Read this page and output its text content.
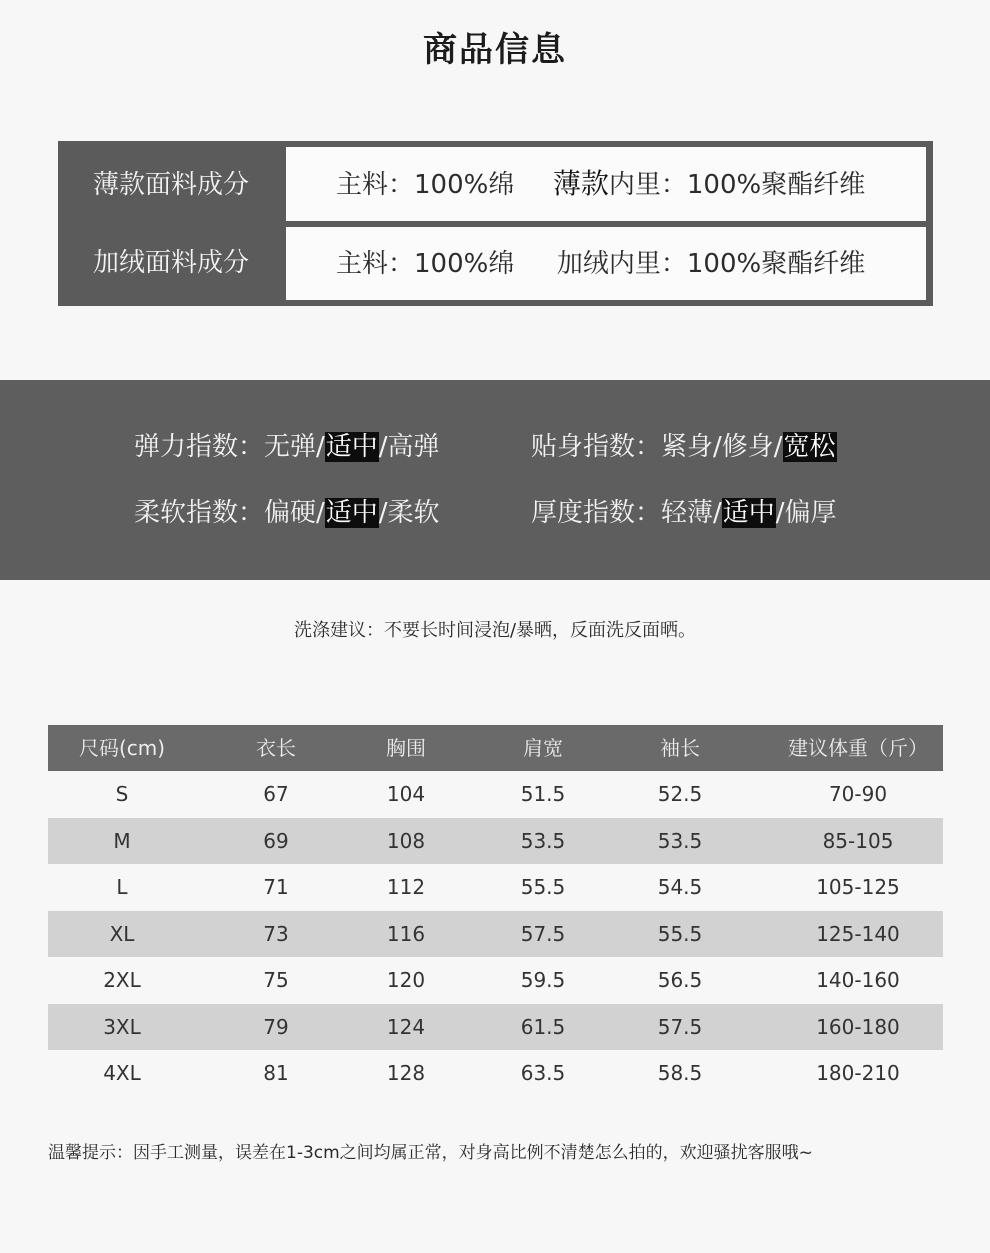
商品信息
薄款面料成分	主料：100%绵 薄款内里：100%聚酯纤维
加绒面料成分	主料：100%绵 加绒内里：100%聚酯纤维
弹力指数：无弹/适中/高弹	贴身指数：紧身/修身/宽松
柔软指数：偏硬/适中/柔软	厚度指数：轻薄/适中/偏厚
洗涤建议：不要长时间浸泡/暴晒，反面洗反面晒。
尺码(cm)	衣长	胸围	肩宽	袖长	建议体重（斤）
S	67	104	51.5	52.5	70-90
M	69	108	53.5	53.5	85-105
L	71	112	55.5	54.5	105-125
XL	73	116	57.5	55.5	125-140
2XL	75	120	59.5	56.5	140-160
3XL	79	124	61.5	57.5	160-180
4XL	81	128	63.5	58.5	180-210
温馨提示：因手工测量，误差在1-3cm之间均属正常，对身高比例不清楚怎么拍的，欢迎骚扰客服哦~
